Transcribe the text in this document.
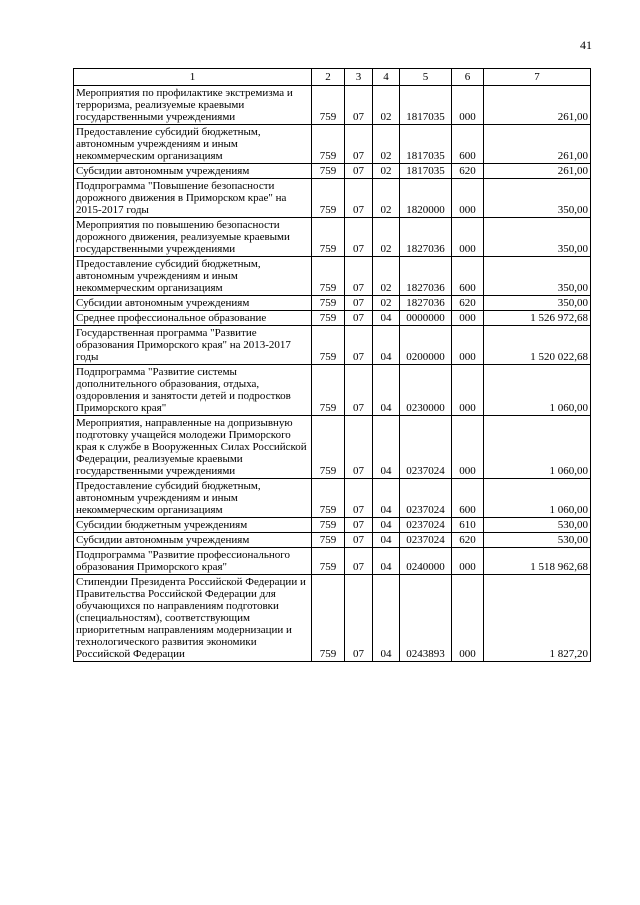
41
1	2	3	4	5	6	7
Мероприятия по профилактике экстремизма и терроризма, реализуемые краевыми государственными учреждениями	759	07	02	1817035	000	261,00
Предоставление субсидий бюджетным, автономным учреждениям и иным некоммерческим организациям	759	07	02	1817035	600	261,00
Субсидии автономным учреждениям	759	07	02	1817035	620	261,00
Подпрограмма "Повышение безопасности дорожного движения в Приморском крае" на 2015-2017 годы	759	07	02	1820000	000	350,00
Мероприятия по повышению безопасности дорожного движения, реализуемые краевыми государственными учреждениями	759	07	02	1827036	000	350,00
Предоставление субсидий бюджетным, автономным учреждениям и иным некоммерческим организациям	759	07	02	1827036	600	350,00
Субсидии автономным учреждениям	759	07	02	1827036	620	350,00
Среднее профессиональное образование	759	07	04	0000000	000	1 526 972,68
Государственная программа "Развитие образования Приморского края" на 2013-2017 годы	759	07	04	0200000	000	1 520 022,68
Подпрограмма "Развитие системы дополнительного образования, отдыха, оздоровления и занятости детей и подростков Приморского края"	759	07	04	0230000	000	1 060,00
Мероприятия, направленные на допризывную подготовку учащейся молодежи Приморского края к службе в Вооруженных Силах Российской Федерации, реализуемые краевыми государственными учреждениями	759	07	04	0237024	000	1 060,00
Предоставление субсидий бюджетным, автономным учреждениям и иным некоммерческим организациям	759	07	04	0237024	600	1 060,00
Субсидии бюджетным учреждениям	759	07	04	0237024	610	530,00
Субсидии автономным учреждениям	759	07	04	0237024	620	530,00
Подпрограмма "Развитие профессионального образования Приморского края"	759	07	04	0240000	000	1 518 962,68
Стипендии Президента Российской Федерации и Правительства Российской Федерации для обучающихся по направлениям подготовки (специальностям), соответствующим приоритетным направлениям модернизации и технологического развития экономики Российской Федерации	759	07	04	0243893	000	1 827,20
